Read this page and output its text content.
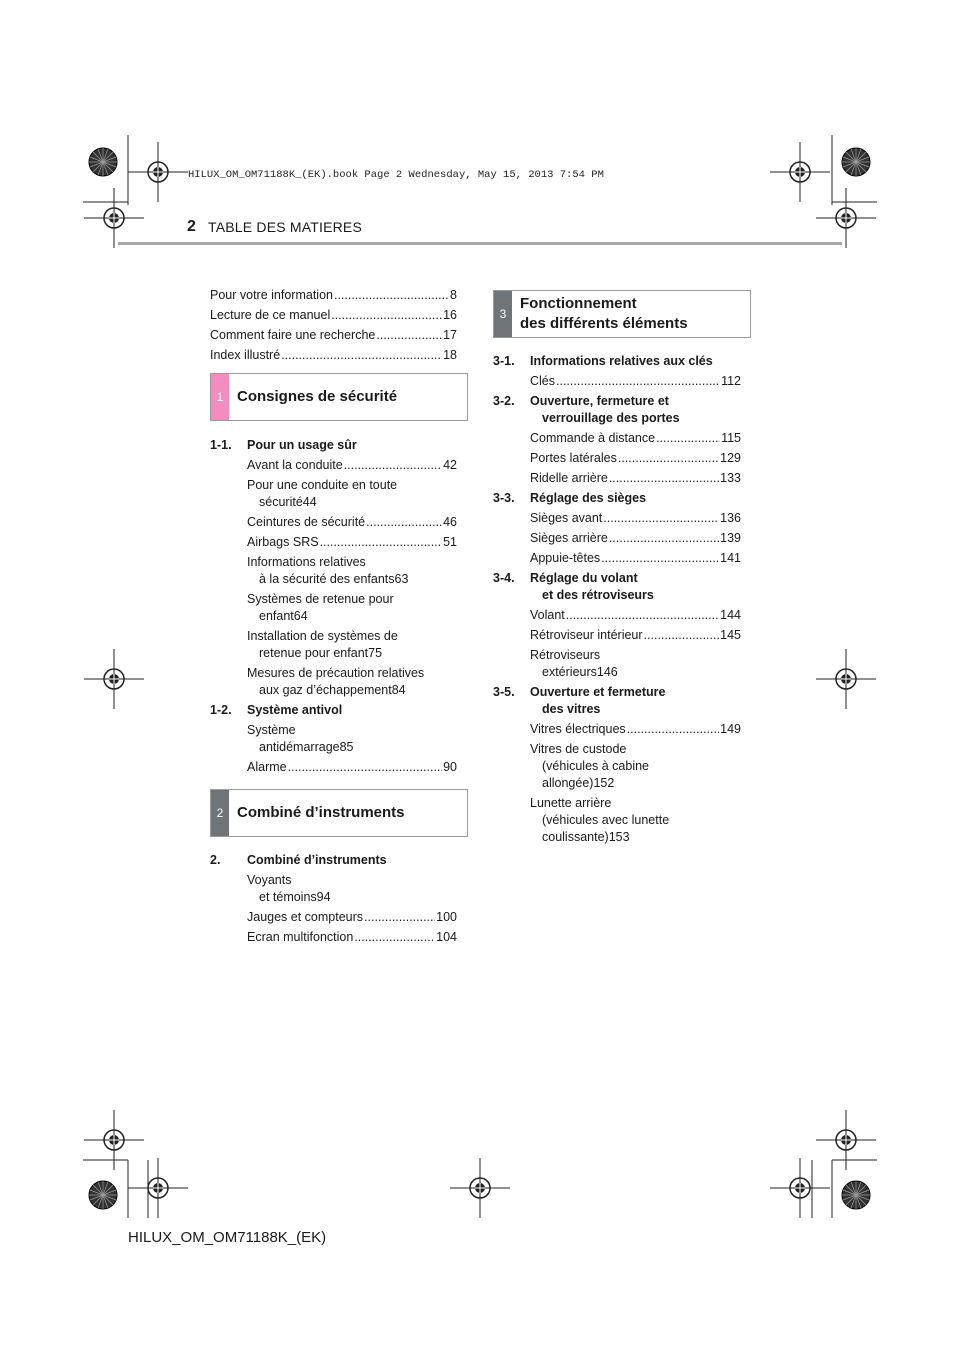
HILUX_OM_OM71188K_(EK).book Page 2 Wednesday, May 15, 2013 7:54 PM
2 TABLE DES MATIERES
Pour votre information .....	8
Lecture de ce manuel .....	16
Comment faire une recherche .....	17
Index illustré .....	18
1 Consignes de sécurité
1-1.	Pour un usage sûr
Avant la conduite .....	42
Pour une conduite en toute
sécurité 44
Ceintures de sécurité .....	46
Airbags SRS .....	51
Informations relatives
à la sécurité des enfants 63
Systèmes de retenue pour
enfant 64
Installation de systèmes de
retenue pour enfant 75
Mesures de précaution relatives
aux gaz d’échappement 84
1-2.	Système antivol
Système
antidémarrage 85
Alarme .....	90
2 Combiné d’instruments
2.	Combiné d’instruments
Voyants
et témoins 94
Jauges et compteurs .....	100
Ecran multifonction .....	104
3
Fonctionnement
des différents éléments
3-1.	Informations relatives aux clés
Clés .....	112
3-2.	Ouverture, fermeture et
verrouillage des portes
Commande à distance .....	115
Portes latérales .....	129
Ridelle arrière .....	133
3-3.	Réglage des sièges
Sièges avant .....	136
Sièges arrière .....	139
Appuie-têtes .....	141
3-4.	Réglage du volant
et des rétroviseurs
Volant .....	144
Rétroviseur intérieur .....	145
Rétroviseurs
extérieurs 146
3-5.	Ouverture et fermeture
des vitres
Vitres électriques .....	149
Vitres de custode
(véhicules à cabine
allongée) 152
Lunette arrière
(véhicules avec lunette
coulissante) 153
HILUX_OM_OM71188K_(EK)
